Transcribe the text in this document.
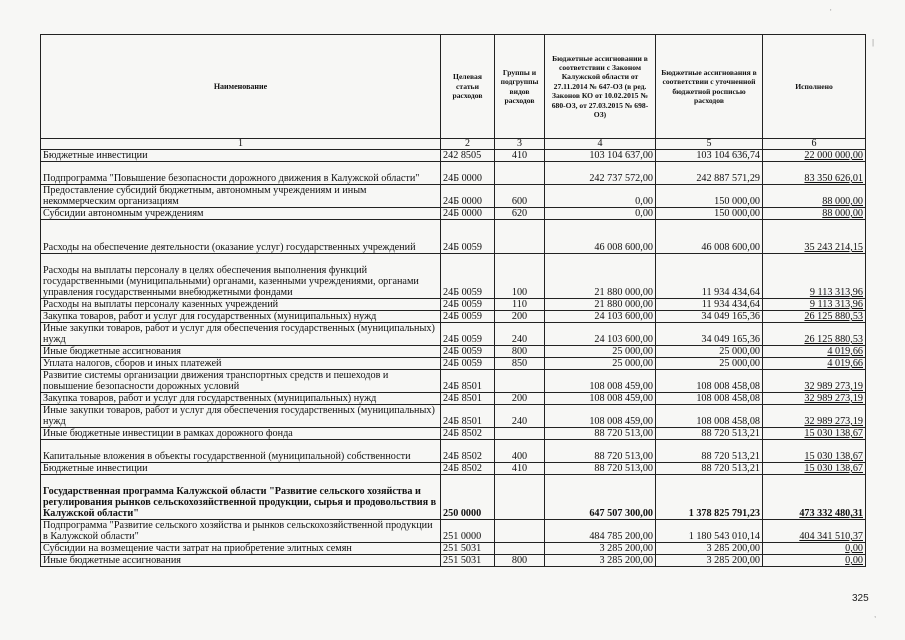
Наименование	Целевая статьи расходов	Группы и подгруппы видов расходов	Бюджетные ассигновании в соответствии с Законом Калужской области от 27.11.2014 № 647-ОЗ (в ред. Законов КО от 10.02.2015 № 680-ОЗ, от 27.03.2015 № 698-ОЗ)	Бюджетные ассигнования в соответствии с уточненной бюджетной росписью расходов	Исполнено
1	2	3	4	5	6
Бюджетные инвестиции	242 8505	410	103 104 637,00	103 104 636,74	22 000 000,00
Подпрограмма "Повышение безопасности дорожного движения в Калужской области"	24Б 0000		242 737 572,00	242 887 571,29	83 350 626,01
Предоставление субсидий бюджетным, автономным учреждениям и иным некоммерческим организациям	24Б 0000	600	0,00	150 000,00	88 000,00
Субсидии автономным учреждениям	24Б 0000	620	0,00	150 000,00	88 000,00
Расходы на обеспечение деятельности (оказание услуг) государственных учреждений	24Б 0059		46 008 600,00	46 008 600,00	35 243 214,15
Расходы на выплаты персоналу в целях обеспечения выполнения функций государственными (муниципальными) органами, казенными учреждениями, органами управления государственными внебюджетными фондами	24Б 0059	100	21 880 000,00	11 934 434,64	9 113 313,96
Расходы на выплаты персоналу казенных учреждений	24Б 0059	110	21 880 000,00	11 934 434,64	9 113 313,96
Закупка товаров, работ и услуг для государственных (муниципальных) нужд	24Б 0059	200	24 103 600,00	34 049 165,36	26 125 880,53
Иные закупки товаров, работ и услуг для обеспечения государственных (муниципальных) нужд	24Б 0059	240	24 103 600,00	34 049 165,36	26 125 880,53
Иные бюджетные ассигнования	24Б 0059	800	25 000,00	25 000,00	4 019,66
Уплата налогов, сборов и иных платежей	24Б 0059	850	25 000,00	25 000,00	4 019,66
Развитие системы организации движения транспортных средств и пешеходов и повышение безопасности дорожных условий	24Б 8501		108 008 459,00	108 008 458,08	32 989 273,19
Закупка товаров, работ и услуг для государственных (муниципальных) нужд	24Б 8501	200	108 008 459,00	108 008 458,08	32 989 273,19
Иные закупки товаров, работ и услуг для обеспечения государственных (муниципальных) нужд	24Б 8501	240	108 008 459,00	108 008 458,08	32 989 273,19
Иные бюджетные инвестиции в рамках дорожного фонда	24Б 8502		88 720 513,00	88 720 513,21	15 030 138,67
Капитальные вложения в объекты государственной (муниципальной) собственности	24Б 8502	400	88 720 513,00	88 720 513,21	15 030 138,67
Бюджетные инвестиции	24Б 8502	410	88 720 513,00	88 720 513,21	15 030 138,67
Государственная программа Калужской области "Развитие сельского хозяйства и регулирования рынков сельскохозяйственной продукции, сырья и продовольствия в Калужской области"	250 0000		647 507 300,00	1 378 825 791,23	473 332 480,31
Подпрограмма "Развитие сельского хозяйства и рынков сельскохозяйственной продукции в Калужской области"	251 0000		484 785 200,00	1 180 543 010,14	404 341 510,37
Субсидии на возмещение части затрат на приобретение элитных семян	251 5031		3 285 200,00	3 285 200,00	0,00
Иные бюджетные ассигнования	251 5031	800	3 285 200,00	3 285 200,00	0,00
325
'
|
,
